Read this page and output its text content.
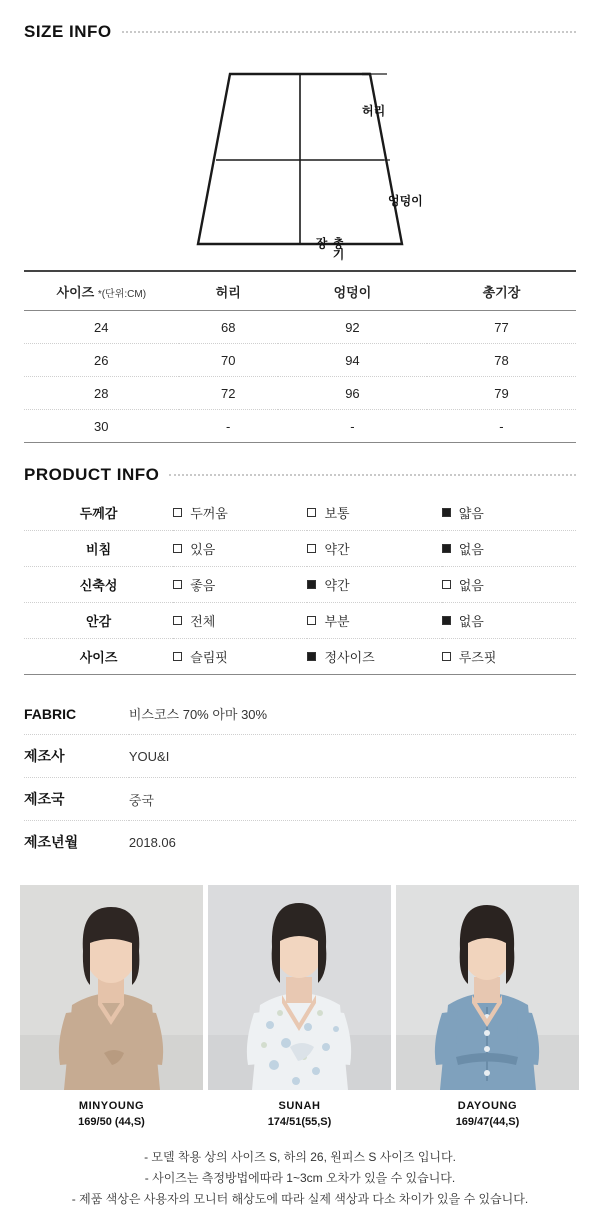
SIZE INFO
허리
엉덩이
총기장
사이즈 *(단위:CM)	허리	엉덩이	총기장
24	68	92	77
26	70	94	78
28	72	96	79
30	-	-	-
PRODUCT INFO
두께감	두꺼움	보통	얇음

비침	있음	약간	없음

신축성	좋음	약간	없음

안감	전체	부분	없음

사이즈	슬림핏	정사이즈	루즈핏
FABRIC	비스코스 70% 아마 30%
제조사	YOU&I
제조국	중국
제조년월	2018.06
MINYOUNG
169/50 (44,S)
SUNAH
174/51(55,S)
DAYOUNG
169/47(44,S)
- 모델 착용 상의 사이즈 S, 하의 26, 원피스 S 사이즈 입니다.
- 사이즈는 측정방법에따라 1~3cm 오차가 있을 수 있습니다.
- 제품 색상은 사용자의 모니터 해상도에 따라 실제 색상과 다소 차이가 있을 수 있습니다.
